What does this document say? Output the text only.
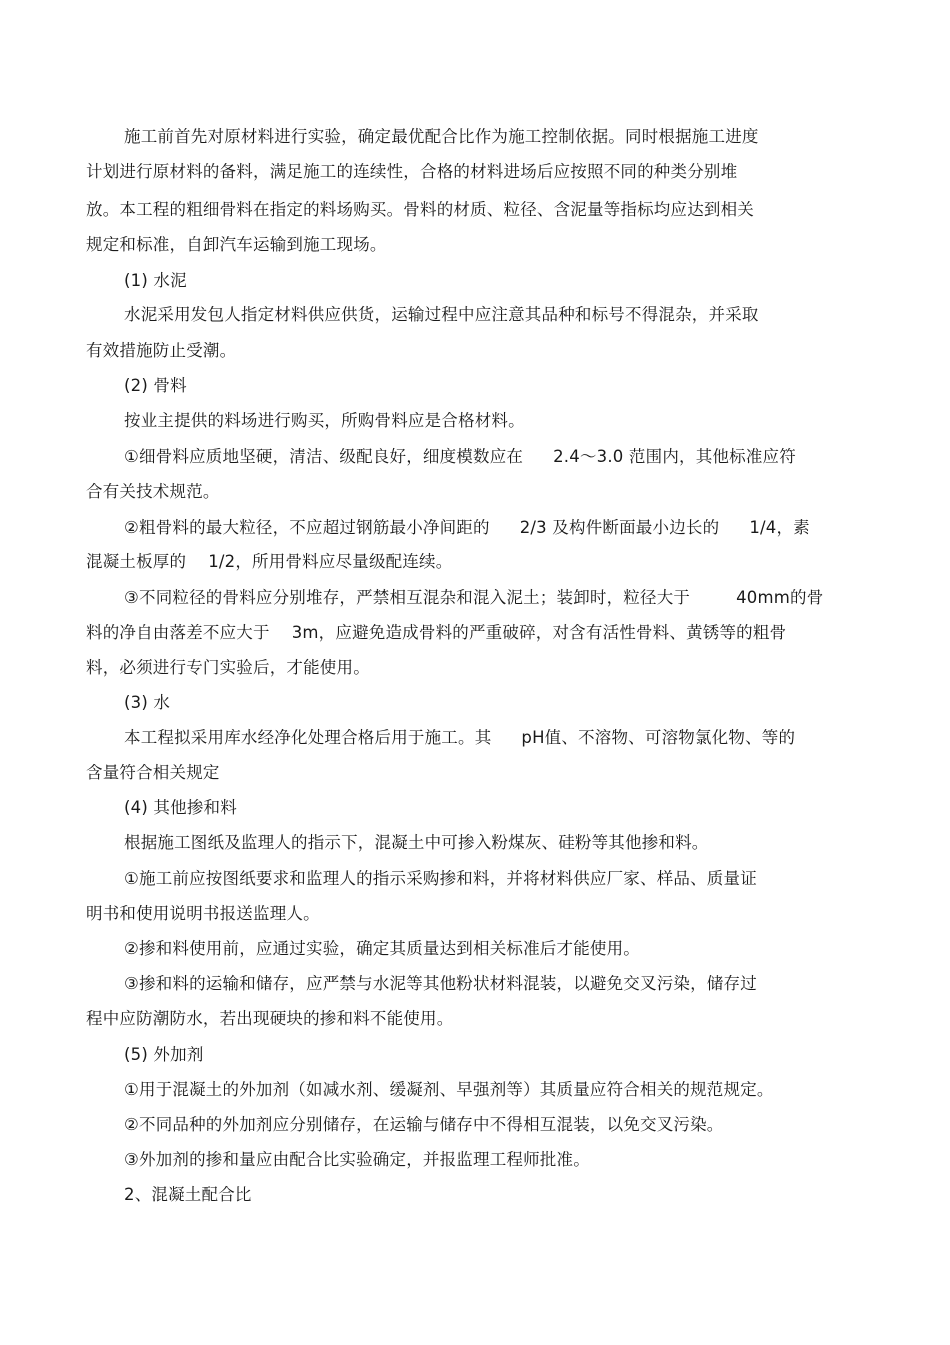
施工前首先对原材料进行实验，确定最优配合比作为施工控制依据。同时根据施工进度
计划进行原材料的备料，满足施工的连续性，合格的材料进场后应按照不同的种类分别堆
放。本工程的粗细骨料在指定的料场购买。骨料的材质、粒径、含泥量等指标均应达到相关
规定和标准，自卸汽车运输到施工现场。
(1) 水泥
水泥采用发包人指定材料供应供货，运输过程中应注意其品种和标号不得混杂，并采取
有效措施防止受潮。
(2) 骨料
按业主提供的料场进行购买，所购骨料应是合格材料。
①细骨料应质地坚硬，清洁、级配良好，细度模数应在 2.4～3.0 范围内，其他标准应符
合有关技术规范。
②粗骨料的最大粒径，不应超过钢筋最小净间距的 2/3 及构件断面最小边长的 1/4，素
混凝土板厚的 1/2，所用骨料应尽量级配连续。
③不同粒径的骨料应分别堆存，严禁相互混杂和混入泥土；装卸时，粒径大于	40mm的骨
料的净自由落差不应大于 3m，应避免造成骨料的严重破碎，对含有活性骨料、黄锈等的粗骨
料，必须进行专门实验后，才能使用。
(3) 水
本工程拟采用库水经净化处理合格后用于施工。其 pH值、不溶物、可溶物氯化物、等的
含量符合相关规定
(4) 其他掺和料
根据施工图纸及监理人的指示下，混凝土中可掺入粉煤灰、硅粉等其他掺和料。
①施工前应按图纸要求和监理人的指示采购掺和料，并将材料供应厂家、样品、质量证
明书和使用说明书报送监理人。
②掺和料使用前，应通过实验，确定其质量达到相关标准后才能使用。
③掺和料的运输和储存，应严禁与水泥等其他粉状材料混装，以避免交叉污染，储存过
程中应防潮防水，若出现硬块的掺和料不能使用。
(5) 外加剂
①用于混凝土的外加剂（如减水剂、缓凝剂、早强剂等）其质量应符合相关的规范规定。
②不同品种的外加剂应分别储存，在运输与储存中不得相互混装，以免交叉污染。
③外加剂的掺和量应由配合比实验确定，并报监理工程师批准。
2、混凝土配合比
